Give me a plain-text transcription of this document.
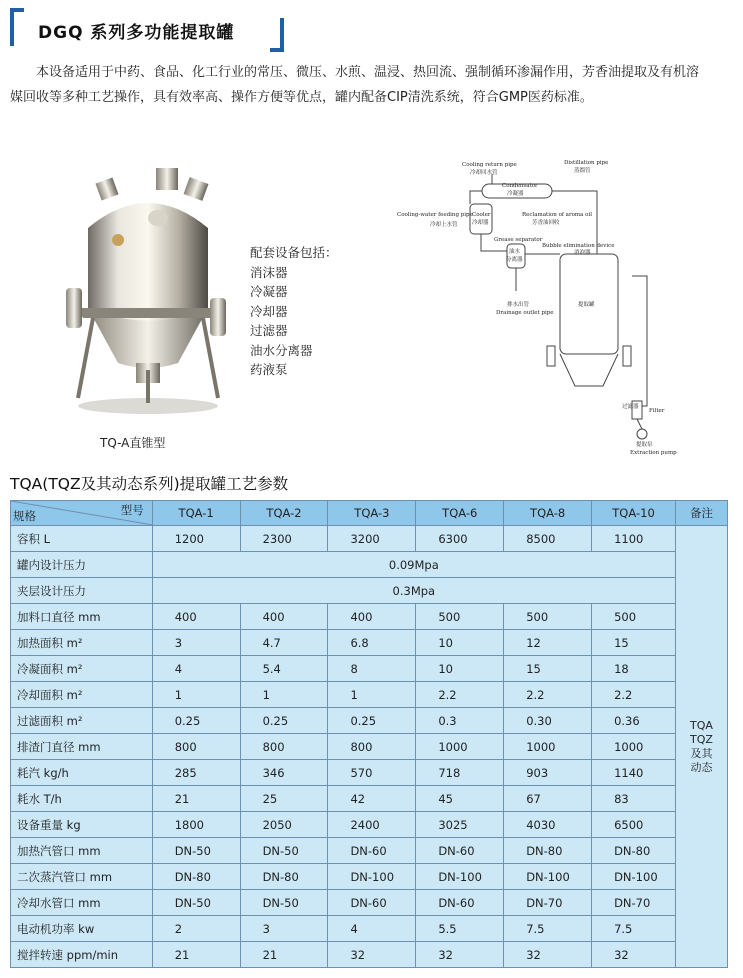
DGQ 系列多功能提取罐
本设备适用于中药、食品、化工行业的常压、微压、水煎、温浸、热回流、强制循环渗漏作用，芳香油提取及有机溶媒回收等多种工艺操作，具有效率高、操作方便等优点，罐内配备CIP清洗系统，符合GMP医药标准。
TQ-A直锥型
配套设备包括：
消沫器
冷凝器
冷却器
过滤器
油水分离器
药液泵
Cooling return pipe
冷却回水管
Distillation pipe
蒸馏管
Condensator
冷凝器
Cooling-water feeding pipe
冷却上水管
Cooler
冷却器
Reclamation of aroma oil
芳香油回收
Grease separator
油水
分离器
Bubble elimination device
消泡器
提取罐
排水出管
Drainage outlet pipe
过滤器
Filter
提取泵
Extraction pump
TQA(TQZ及其动态系列)提取罐工艺参数
型号
规格	TQA-1	TQA-2	TQA-3	TQA-6	TQA-8	TQA-10	备注
容积 L	1200	2300	3200	6300	8500	1100	TQA
TQZ
及其
动态

罐内设计压力	0.09Mpa						
夹层设计压力	0.3Mpa						
加料口直径 mm	400	400	400	500	500	500	
加热面积 m²	3	4.7	6.8	10	12	15	
冷凝面积 m²	4	5.4	8	10	15	18	
冷却面积 m²	1	1	1	2.2	2.2	2.2	
过滤面积 m²	0.25	0.25	0.25	0.3	0.30	0.36	
排渣门直径 mm	800	800	800	1000	1000	1000	
耗汽 kg/h	285	346	570	718	903	1140	
耗水 T/h	21	25	42	45	67	83	
设备重量 kg	1800	2050	2400	3025	4030	6500	
加热汽管口 mm	DN-50	DN-50	DN-60	DN-60	DN-80	DN-80	
二次蒸汽管口 mm	DN-80	DN-80	DN-100	DN-100	DN-100	DN-100	
冷却水管口 mm	DN-50	DN-50	DN-60	DN-60	DN-70	DN-70	
电动机功率 kw	2	3	4	5.5	7.5	7.5	
搅拌转速 ppm/min	21	21	32	32	32	32	
